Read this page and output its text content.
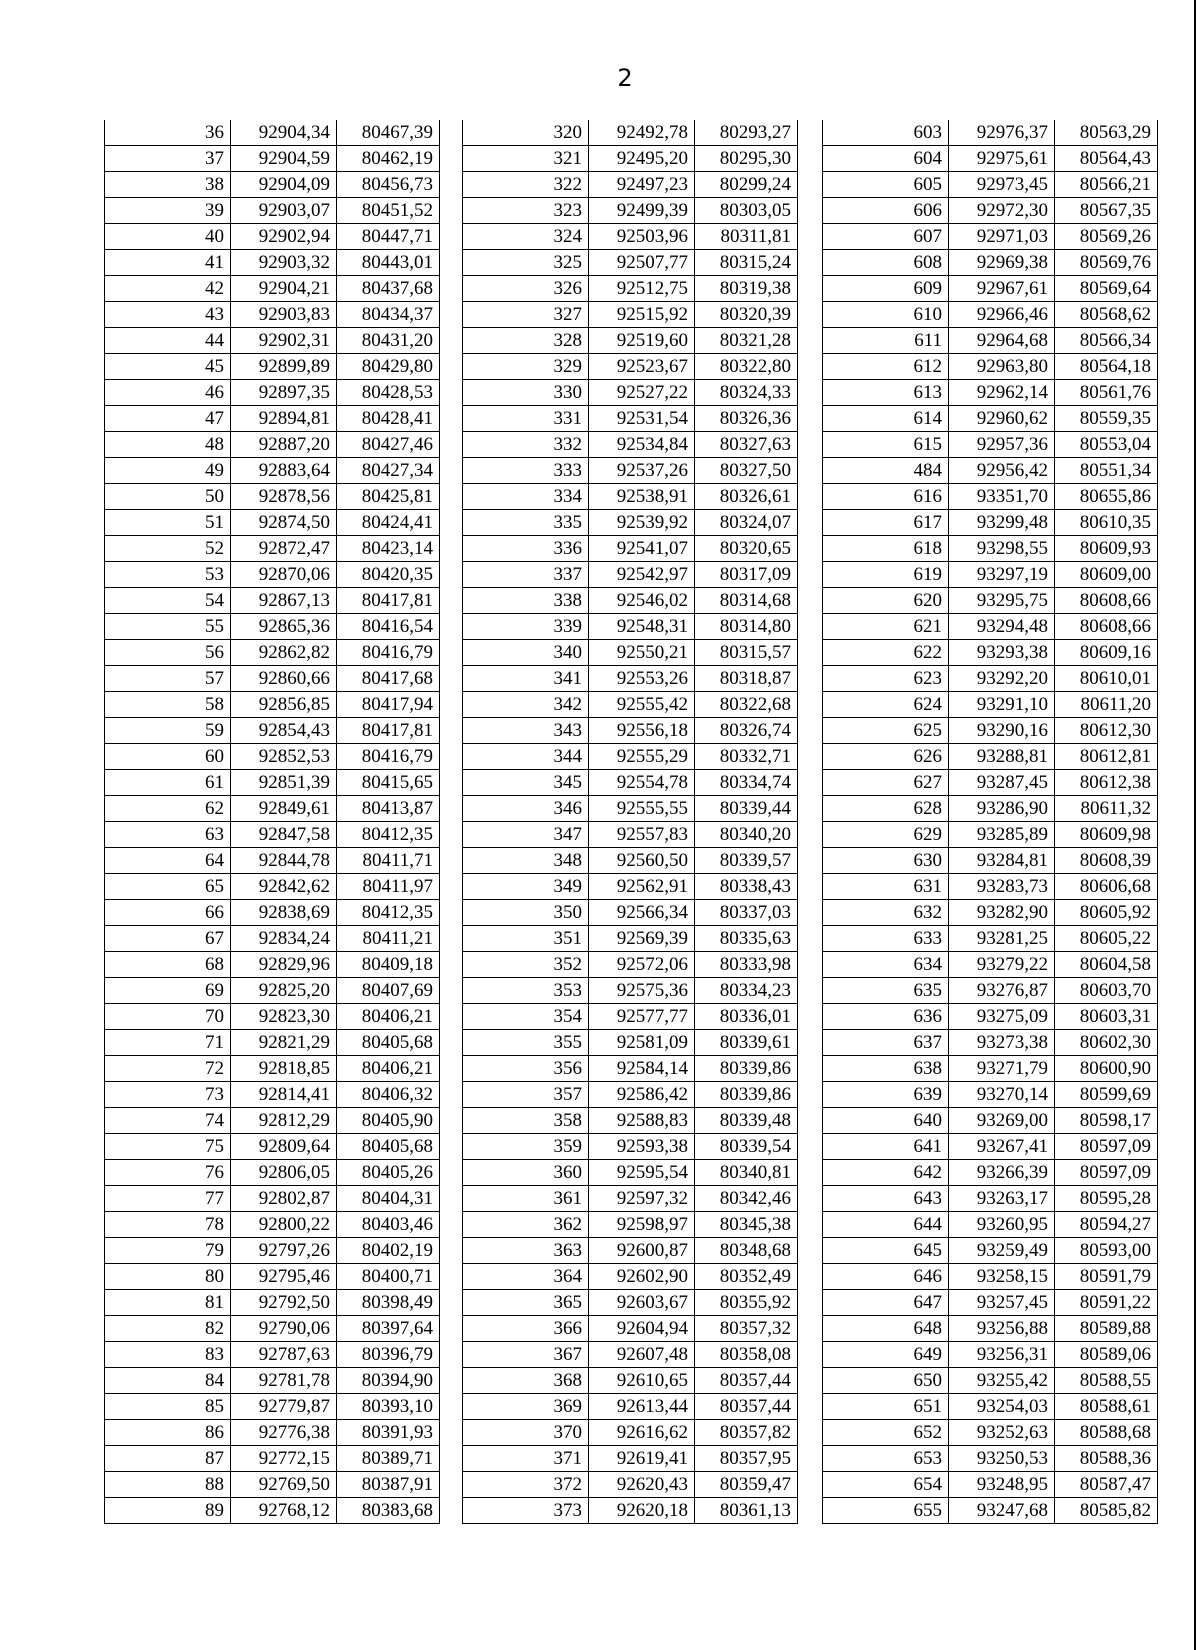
2
36	92904,34	80467,39
37	92904,59	80462,19
38	92904,09	80456,73
39	92903,07	80451,52
40	92902,94	80447,71
41	92903,32	80443,01
42	92904,21	80437,68
43	92903,83	80434,37
44	92902,31	80431,20
45	92899,89	80429,80
46	92897,35	80428,53
47	92894,81	80428,41
48	92887,20	80427,46
49	92883,64	80427,34
50	92878,56	80425,81
51	92874,50	80424,41
52	92872,47	80423,14
53	92870,06	80420,35
54	92867,13	80417,81
55	92865,36	80416,54
56	92862,82	80416,79
57	92860,66	80417,68
58	92856,85	80417,94
59	92854,43	80417,81
60	92852,53	80416,79
61	92851,39	80415,65
62	92849,61	80413,87
63	92847,58	80412,35
64	92844,78	80411,71
65	92842,62	80411,97
66	92838,69	80412,35
67	92834,24	80411,21
68	92829,96	80409,18
69	92825,20	80407,69
70	92823,30	80406,21
71	92821,29	80405,68
72	92818,85	80406,21
73	92814,41	80406,32
74	92812,29	80405,90
75	92809,64	80405,68
76	92806,05	80405,26
77	92802,87	80404,31
78	92800,22	80403,46
79	92797,26	80402,19
80	92795,46	80400,71
81	92792,50	80398,49
82	92790,06	80397,64
83	92787,63	80396,79
84	92781,78	80394,90
85	92779,87	80393,10
86	92776,38	80391,93
87	92772,15	80389,71
88	92769,50	80387,91
89	92768,12	80383,68
320	92492,78	80293,27
321	92495,20	80295,30
322	92497,23	80299,24
323	92499,39	80303,05
324	92503,96	80311,81
325	92507,77	80315,24
326	92512,75	80319,38
327	92515,92	80320,39
328	92519,60	80321,28
329	92523,67	80322,80
330	92527,22	80324,33
331	92531,54	80326,36
332	92534,84	80327,63
333	92537,26	80327,50
334	92538,91	80326,61
335	92539,92	80324,07
336	92541,07	80320,65
337	92542,97	80317,09
338	92546,02	80314,68
339	92548,31	80314,80
340	92550,21	80315,57
341	92553,26	80318,87
342	92555,42	80322,68
343	92556,18	80326,74
344	92555,29	80332,71
345	92554,78	80334,74
346	92555,55	80339,44
347	92557,83	80340,20
348	92560,50	80339,57
349	92562,91	80338,43
350	92566,34	80337,03
351	92569,39	80335,63
352	92572,06	80333,98
353	92575,36	80334,23
354	92577,77	80336,01
355	92581,09	80339,61
356	92584,14	80339,86
357	92586,42	80339,86
358	92588,83	80339,48
359	92593,38	80339,54
360	92595,54	80340,81
361	92597,32	80342,46
362	92598,97	80345,38
363	92600,87	80348,68
364	92602,90	80352,49
365	92603,67	80355,92
366	92604,94	80357,32
367	92607,48	80358,08
368	92610,65	80357,44
369	92613,44	80357,44
370	92616,62	80357,82
371	92619,41	80357,95
372	92620,43	80359,47
373	92620,18	80361,13
603	92976,37	80563,29
604	92975,61	80564,43
605	92973,45	80566,21
606	92972,30	80567,35
607	92971,03	80569,26
608	92969,38	80569,76
609	92967,61	80569,64
610	92966,46	80568,62
611	92964,68	80566,34
612	92963,80	80564,18
613	92962,14	80561,76
614	92960,62	80559,35
615	92957,36	80553,04
484	92956,42	80551,34
616	93351,70	80655,86
617	93299,48	80610,35
618	93298,55	80609,93
619	93297,19	80609,00
620	93295,75	80608,66
621	93294,48	80608,66
622	93293,38	80609,16
623	93292,20	80610,01
624	93291,10	80611,20
625	93290,16	80612,30
626	93288,81	80612,81
627	93287,45	80612,38
628	93286,90	80611,32
629	93285,89	80609,98
630	93284,81	80608,39
631	93283,73	80606,68
632	93282,90	80605,92
633	93281,25	80605,22
634	93279,22	80604,58
635	93276,87	80603,70
636	93275,09	80603,31
637	93273,38	80602,30
638	93271,79	80600,90
639	93270,14	80599,69
640	93269,00	80598,17
641	93267,41	80597,09
642	93266,39	80597,09
643	93263,17	80595,28
644	93260,95	80594,27
645	93259,49	80593,00
646	93258,15	80591,79
647	93257,45	80591,22
648	93256,88	80589,88
649	93256,31	80589,06
650	93255,42	80588,55
651	93254,03	80588,61
652	93252,63	80588,68
653	93250,53	80588,36
654	93248,95	80587,47
655	93247,68	80585,82
